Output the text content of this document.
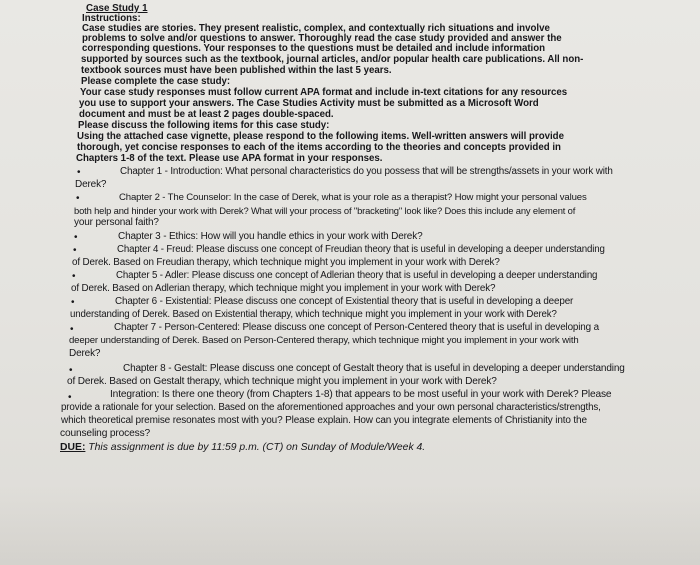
Case Study 1
Instructions:
Case studies are stories. They present realistic, complex, and contextually rich situations and involve
problems to solve and/or questions to answer. Thoroughly read the case study provided and answer the
corresponding questions. Your responses to the questions must be detailed and include information
supported by sources such as the textbook, journal articles, and/or popular health care publications. All non-
textbook sources must have been published within the last 5 years.
Please complete the case study:
Your case study responses must follow current APA format and include in-text citations for any resources
you use to support your answers. The Case Studies Activity must be submitted as a Microsoft Word
document and must be at least 2 pages double-spaced.
Please discuss the following items for this case study:
Using the attached case vignette, please respond to the following items. Well-written answers will provide
thorough, yet concise responses to each of the items according to the theories and concepts provided in
Chapters 1-8 of the text. Please use APA format in your responses.
•	Chapter 1 - Introduction: What personal characteristics do you possess that will be strengths/assets in your work with
Derek?
•	Chapter 2 - The Counselor: In the case of Derek, what is your role as a therapist? How might your personal values
both help and hinder your work with Derek? What will your process of "bracketing" look like? Does this include any element of
your personal faith?
•	Chapter 3 - Ethics: How will you handle ethics in your work with Derek?
•	Chapter 4 - Freud: Please discuss one concept of Freudian theory that is useful in developing a deeper understanding
of Derek. Based on Freudian therapy, which technique might you implement in your work with Derek?
•	Chapter 5 - Adler: Please discuss one concept of Adlerian theory that is useful in developing a deeper understanding
of Derek. Based on Adlerian therapy, which technique might you implement in your work with Derek?
•	Chapter 6 - Existential: Please discuss one concept of Existential theory that is useful in developing a deeper
understanding of Derek. Based on Existential therapy, which technique might you implement in your work with Derek?
•	Chapter 7 - Person-Centered: Please discuss one concept of Person-Centered theory that is useful in developing a
deeper understanding of Derek. Based on Person-Centered therapy, which technique might you implement in your work with
Derek?
•	Chapter 8 - Gestalt: Please discuss one concept of Gestalt theory that is useful in developing a deeper understanding
of Derek. Based on Gestalt therapy, which technique might you implement in your work with Derek?
•	Integration: Is there one theory (from Chapters 1-8) that appears to be most useful in your work with Derek? Please
provide a rationale for your selection. Based on the aforementioned approaches and your own personal characteristics/strengths,
which theoretical premise resonates most with you? Please explain. How can you integrate elements of Christianity into the
counseling process?
DUE: This assignment is due by 11:59 p.m. (CT) on Sunday of Module/Week 4.
